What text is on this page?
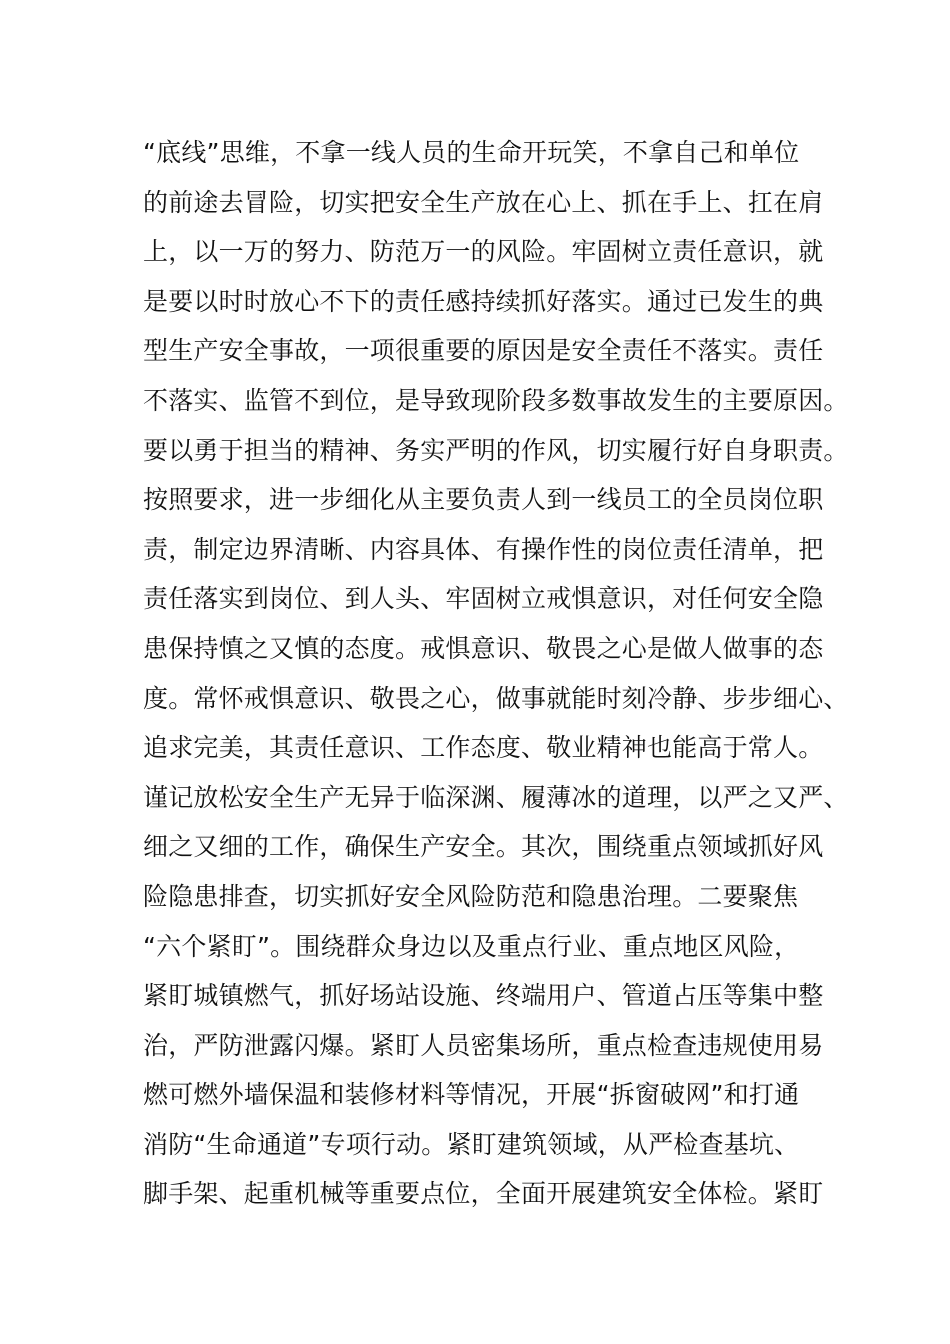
“底线”思维，不拿一线人员的生命开玩笑，不拿自己和单位
的前途去冒险，切实把安全生产放在心上、抓在手上、扛在肩
上，以一万的努力、防范万一的风险。牢固树立责任意识，就
是要以时时放心不下的责任感持续抓好落实。通过已发生的典
型生产安全事故，一项很重要的原因是安全责任不落实。责任
不落实、监管不到位，是导致现阶段多数事故发生的主要原因。
要以勇于担当的精神、务实严明的作风，切实履行好自身职责。
按照要求，进一步细化从主要负责人到一线员工的全员岗位职
责，制定边界清晰、内容具体、有操作性的岗位责任清单，把
责任落实到岗位、到人头、牢固树立戒惧意识，对任何安全隐
患保持慎之又慎的态度。戒惧意识、敬畏之心是做人做事的态
度。常怀戒惧意识、敬畏之心，做事就能时刻冷静、步步细心、
追求完美，其责任意识、工作态度、敬业精神也能高于常人。
谨记放松安全生产无异于临深渊、履薄冰的道理，以严之又严、
细之又细的工作，确保生产安全。其次，围绕重点领域抓好风
险隐患排查，切实抓好安全风险防范和隐患治理。二要聚焦
“六个紧盯”。围绕群众身边以及重点行业、重点地区风险，
紧盯城镇燃气，抓好场站设施、终端用户、管道占压等集中整
治，严防泄露闪爆。紧盯人员密集场所，重点检查违规使用易
燃可燃外墙保温和装修材料等情况，开展“拆窗破网”和打通
消防“生命通道”专项行动。紧盯建筑领域，从严检查基坑、
脚手架、起重机械等重要点位，全面开展建筑安全体检。紧盯
